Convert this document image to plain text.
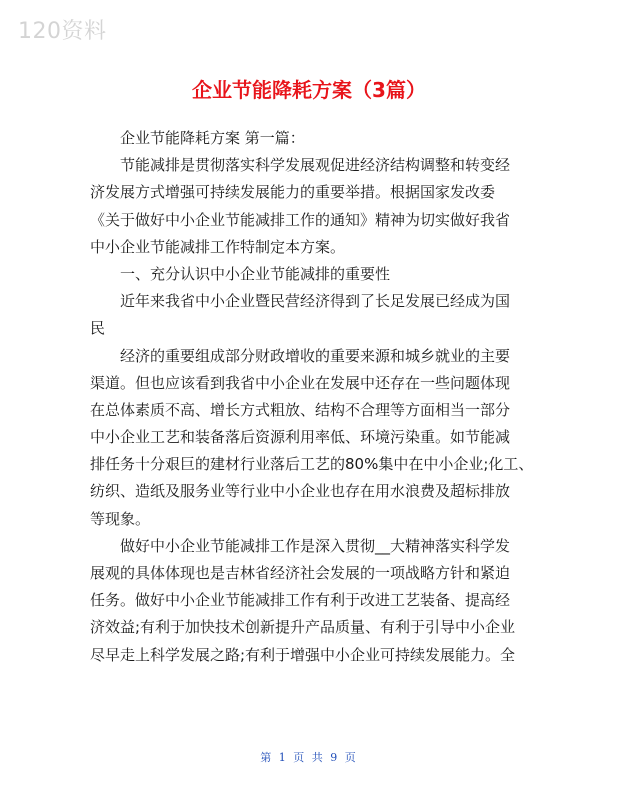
120资料
企业节能降耗方案（3篇）
企业节能降耗方案 第一篇：
节能减排是贯彻落实科学发展观促进经济结构调整和转变经
济发展方式增强可持续发展能力的重要举措。根据国家发改委
《关于做好中小企业节能减排工作的通知》精神为切实做好我省
中小企业节能减排工作特制定本方案。
一、充分认识中小企业节能减排的重要性
近年来我省中小企业暨民营经济得到了长足发展已经成为国
民
经济的重要组成部分财政增收的重要来源和城乡就业的主要
渠道。但也应该看到我省中小企业在发展中还存在一些问题体现
在总体素质不高、增长方式粗放、结构不合理等方面相当一部分
中小企业工艺和装备落后资源利用率低、环境污染重。如节能减
排任务十分艰巨的建材行业落后工艺的80%集中在中小企业;化工、
纺织、造纸及服务业等行业中小企业也存在用水浪费及超标排放
等现象。
做好中小企业节能减排工作是深入贯彻__大精神落实科学发
展观的具体体现也是吉林省经济社会发展的一项战略方针和紧迫
任务。做好中小企业节能减排工作有利于改进工艺装备、提高经
济效益;有利于加快技术创新提升产品质量、有利于引导中小企业
尽早走上科学发展之路;有利于增强中小企业可持续发展能力。全
第 1 页 共 9 页
